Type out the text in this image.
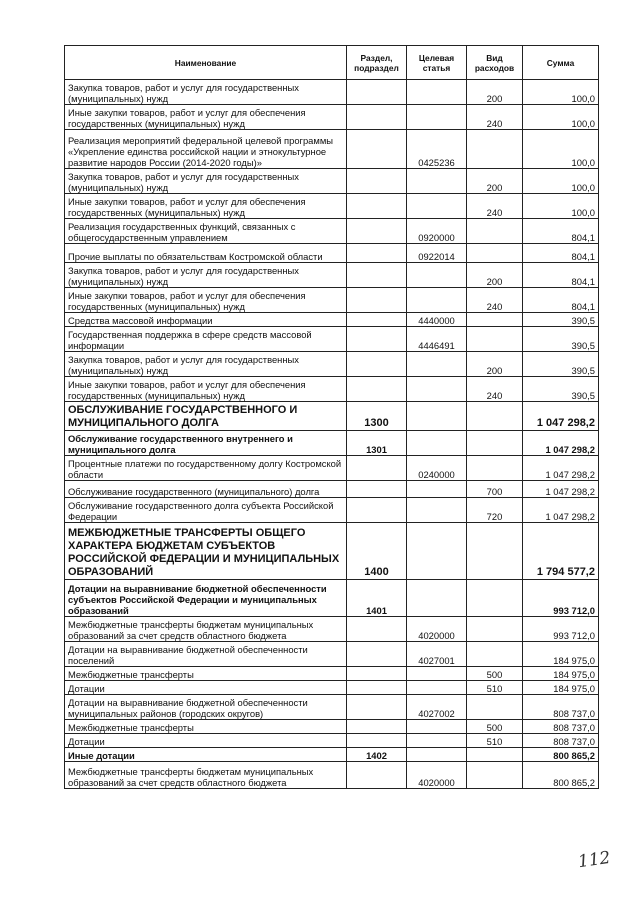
Наименование	Раздел, подраздел	Целевая статья	Вид расходов	Сумма
Закупка товаров, работ и услуг для государственных (муниципальных) нужд			200	100,0
Иные закупки товаров, работ и услуг для обеспечения государственных (муниципальных) нужд			240	100,0
Реализация мероприятий федеральной целевой программы «Укрепление единства российской нации и этнокультурное развитие народов России (2014-2020 годы)»		0425236		100,0
Закупка товаров, работ и услуг для государственных (муниципальных) нужд			200	100,0
Иные закупки товаров, работ и услуг для обеспечения государственных (муниципальных) нужд			240	100,0
Реализация государственных функций, связанных с общегосударственным управлением		0920000		804,1
Прочие выплаты по обязательствам Костромской области		0922014		804,1
Закупка товаров, работ и услуг для государственных (муниципальных) нужд			200	804,1
Иные закупки товаров, работ и услуг для обеспечения государственных (муниципальных) нужд			240	804,1
Средства массовой информации		4440000		390,5
Государственная поддержка в сфере средств массовой информации		4446491		390,5
Закупка товаров, работ и услуг для государственных (муниципальных) нужд			200	390,5
Иные закупки товаров, работ и услуг для обеспечения государственных (муниципальных) нужд			240	390,5
ОБСЛУЖИВАНИЕ ГОСУДАРСТВЕННОГО И МУНИЦИПАЛЬНОГО ДОЛГА	1300			1 047 298,2
Обслуживание государственного внутреннего и муниципального долга	1301			1 047 298,2
Процентные платежи по государственному долгу Костромской области		0240000		1 047 298,2
Обслуживание государственного (муниципального) долга			700	1 047 298,2
Обслуживание государственного долга субъекта Российской Федерации			720	1 047 298,2
МЕЖБЮДЖЕТНЫЕ ТРАНСФЕРТЫ ОБЩЕГО ХАРАКТЕРА БЮДЖЕТАМ СУБЪЕКТОВ РОССИЙСКОЙ ФЕДЕРАЦИИ И МУНИЦИПАЛЬНЫХ ОБРАЗОВАНИЙ	1400			1 794 577,2
Дотации на выравнивание бюджетной обеспеченности субъектов Российской Федерации и муниципальных образований	1401			993 712,0
Межбюджетные трансферты бюджетам муниципальных образований за счет средств областного бюджета		4020000		993 712,0
Дотации на выравнивание бюджетной обеспеченности поселений		4027001		184 975,0
Межбюджетные трансферты			500	184 975,0
Дотации			510	184 975,0
Дотации на выравнивание бюджетной обеспеченности муниципальных районов (городских округов)		4027002		808 737,0
Межбюджетные трансферты			500	808 737,0
Дотации			510	808 737,0
Иные дотации	1402			800 865,2
Межбюджетные трансферты бюджетам муниципальных образований за счет средств областного бюджета		4020000		800 865,2
112
